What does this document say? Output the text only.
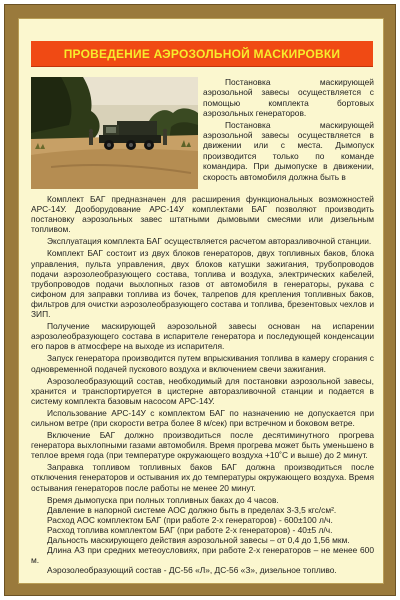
ПРОВЕДЕНИЕ АЭРОЗОЛЬНОЙ МАСКИРОВКИ

Постановка маскирующей аэрозольной завесы осуществляется с помощью комплекта бортовых аэрозольных генераторов.

Постановка маскирующей аэрозольной завесы осуществляется в движении или с места. Дымопуск производится только по команде командира. При дымопуске в движении, скорость автомобиля должна быть в

Комплект БАГ предназначен для расширения функциональных возможностей АРС-14У. Дооборудование АРС-14У комплектами БАГ позволяют производить постановку аэрозольных завес штатными дымовыми смесями или дизельным топливом.

Эксплуатация комплекта БАГ осуществляется расчетом авторазливочной станции.

Комплект БАГ состоит из двух блоков генераторов, двух топливных баков, блока управления, пульта управления, двух блоков катушки зажигания, трубопроводов подачи аэрозолеобразующего состава, топлива и воздуха, электрических кабелей, трубопроводов подачи выхлопных газов от автомобиля в генераторы, рукава с сифоном для заправки топлива из бочек, талрепов для крепления топливных баков, фильтров для очистки аэрозолеобразующего состава и топлива, брезентовых чехлов и ЗИП.

Получение маскирующей аэрозольной завесы основан на испарении аэрозолеобразующего состава в испарителе генератора и последующей конденсации его паров в атмосфере на выходе из испарителя.

Запуск генератора производится путем впрыскивания топлива в камеру сгорания с одновременной подачей пускового воздуха и включением свечи зажигания.

Аэрозолеобразующий состав, необходимый для постановки аэрозольной завесы, хранится и транспортируется в цистерне авторазливочной станции и подается в систему комплекта базовым насосом АРС-14У.

Использование АРС-14У с комплектом БАГ по назначению не допускается при сильном ветре (при скорости ветра более 8 м/сек) при встречном и боковом ветре.

Включение БАГ должно производиться после десятиминутного прогрева генератора выхлопными газами автомобиля. Время прогрева может быть уменьшено в теплое время года (при температуре окружающего воздуха +10˚С и выше) до 2 минут.

Заправка топливом топливных баков БАГ должна производиться после отключения генераторов и остывания их до температуры окружающего воздуха. Время остывания генераторов после работы не менее 20 минут.

Время дымопуска при полных топливных баках до 4 часов.

Давление в напорной системе АОС должно быть в пределах 3-3,5 кгс/см².

Расход АОС комплектом БАГ (при работе 2-х генераторов) - 600±100 л/ч.

Расход топлива комплектом БАГ (при работе 2-х генераторов) - 40±5 л/ч.

Дальность маскирующего действия аэрозольной завесы – от 0,4 до 1,56 мкм.

Длина АЗ при средних метеоусловиях, при работе 2-х генераторов – не менее 600 м.

Аэрозолеобразующий состав - ДС-56 «Л», ДС-56 «З», дизельное топливо.
